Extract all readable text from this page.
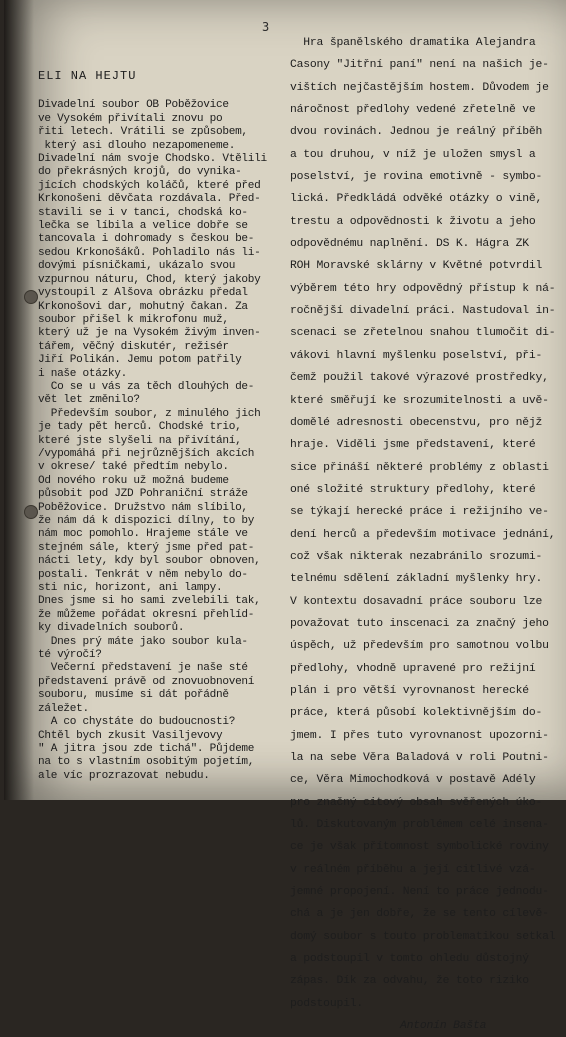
3
ELI NA HEJTU
Divadelní soubor OB Poběžovice
ve Vysokém přivítali znovu po
řiti letech. Vrátili se způsobem,
který asi dlouho nezapomeneme.
Divadelní nám svoje Chodsko. Vtělili
do překrásných krojů, do vynika-
jících chodských koláčů, které před
Krkonošeni děvčata rozdávala. Před-
stavili se i v tanci, chodská ko-
lečka se líbila a velice dobře se
tancovala i dohromady s českou be-
sedou Krkonošáků. Pohladilo nás li-
dovými písničkami, ukázalo svou
vzpurnou náturu, Chod, který jakoby
vystoupil z Alšova obrázku předal
Krkonošovi dar, mohutný čakan. Za
soubor přišel k mikrofonu muž,
který už je na Vysokém živým inven-
tářem, věčný diskutér, režisér
Jiří Polikán. Jemu potom patřily
i naše otázky.
Co se u vás za těch dlouhých de-
vět let změnilo?
Především soubor, z minulého jich
je tady pět herců. Chodské trio,
které jste slyšeli na přivítání,
/vypomáhá při nejrůznějších akcích
v okrese/ také předtím nebylo.
Od nového roku už možná budeme
působit pod JZD Pohraniční stráže
Poběžovice. Družstvo nám slíbilo,
že nám dá k dispozici dílny, to by
nám moc pomohlo. Hrajeme stále ve
stejném sále, který jsme před pat-
nácti lety, kdy byl soubor obnoven,
postali. Tenkrát v něm nebylo do-
sti nic, horizont, ani lampy.
Dnes jsme si ho sami zvelebili tak,
že můžeme pořádat okresní přehlíd-
ky divadelních souborů.
Dnes prý máte jako soubor kula-
té výročí?
Večerní představení je naše sté
představení právě od znovuobnovení
souboru, musíme si dát pořádně
záležet.
A co chystáte do budoucnosti?
Chtěl bych zkusit Vasiljevovy
" A jitra jsou zde tichá". Půjdeme
na to s vlastním osobitým pojetím,
ale víc prozrazovat nebudu.
Hra španělského dramatika Alejandra
Casony "Jitřní paní" není na našich je-
vištích nejčastějším hostem. Důvodem je
náročnost předlohy vedené zřetelně ve
dvou rovinách. Jednou je reálný příběh
a tou druhou, v níž je uložen smysl a
poselství, je rovina emotivně - symbo-
lická. Předkládá odvěké otázky o vině,
trestu a odpovědnosti k životu a jeho
odpovědnému naplnění. DS K. Hágra ZK
ROH Moravské sklárny v Květné potvrdil
výběrem této hry odpovědný přístup k ná-
ročnější divadelní práci. Nastudoval in-
scenaci se zřetelnou snahou tlumočit di-
vákovi hlavní myšlenku poselství, při-
čemž použil takové výrazové prostředky,
které směřují ke srozumitelnosti a uvě-
domělé adresnosti obecenstvu, pro nějž
hraje. Viděli jsme představení, které
sice přináší některé problémy z oblasti
oné složité struktury předlohy, které
se týkají herecké práce i režijního ve-
dení herců a především motivace jednání,
což však nikterak nezabránilo srozumi-
telnému sdělení základní myšlenky hry.
V kontextu dosavadní práce souboru lze
považovat tuto inscenaci za značný jeho
úspěch, už především pro samotnou volbu
předlohy, vhodně upravené pro režijní
plán i pro větší vyrovnanost herecké
práce, která působí kolektivnějším do-
jmem. I přes tuto vyrovnanost upozorni-
la na sebe Věra Baladová v roli Poutni-
ce, Věra Mimochodková v postavě Adély
pro značný citový obsah svěřených úko-
lů. Diskutovaným problémem celé insena-
ce je však přítomnost symbolické roviny
v reálném příběhu a její citlivé vzá-
jemné propojení. Není to práce jednodu-
chá a je jen dobře, že se tento cílevě-
domý soubor s touto problematikou setkal
a podstoupil v tomto ohledu důstojný
zápas. Dík za odvahu, že toto riziko
podstoupil.
Antonín Bašta
